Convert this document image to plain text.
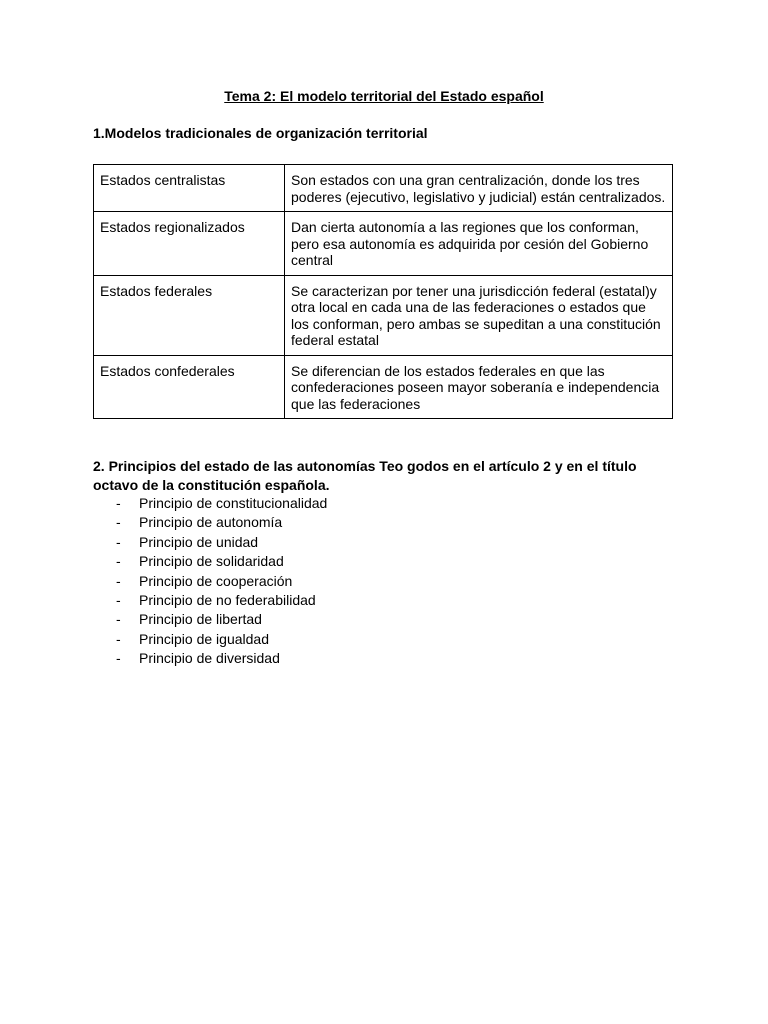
Tema 2: El modelo territorial del Estado español
1.Modelos tradicionales de organización territorial
Estados centralistas	Son estados con una gran centralización, donde los tres poderes (ejecutivo, legislativo y judicial) están centralizados.
Estados regionalizados	Dan cierta autonomía a las regiones que los conforman, pero esa autonomía es adquirida por cesión del Gobierno central
Estados federales	Se caracterizan por tener una jurisdicción federal (estatal)y otra local en cada una de las federaciones o estados que los conforman, pero ambas se supeditan a una constitución federal estatal
Estados confederales	Se diferencian de los estados federales en que las confederaciones poseen mayor soberanía e independencia que las federaciones
2. Principios del estado de las autonomías Teo godos en el artículo 2 y en el título octavo de la constitución española.
- Principio de constitucionalidad
- Principio de autonomía
- Principio de unidad
- Principio de solidaridad
- Principio de cooperación
- Principio de no federabilidad
- Principio de libertad
- Principio de igualdad
- Principio de diversidad
